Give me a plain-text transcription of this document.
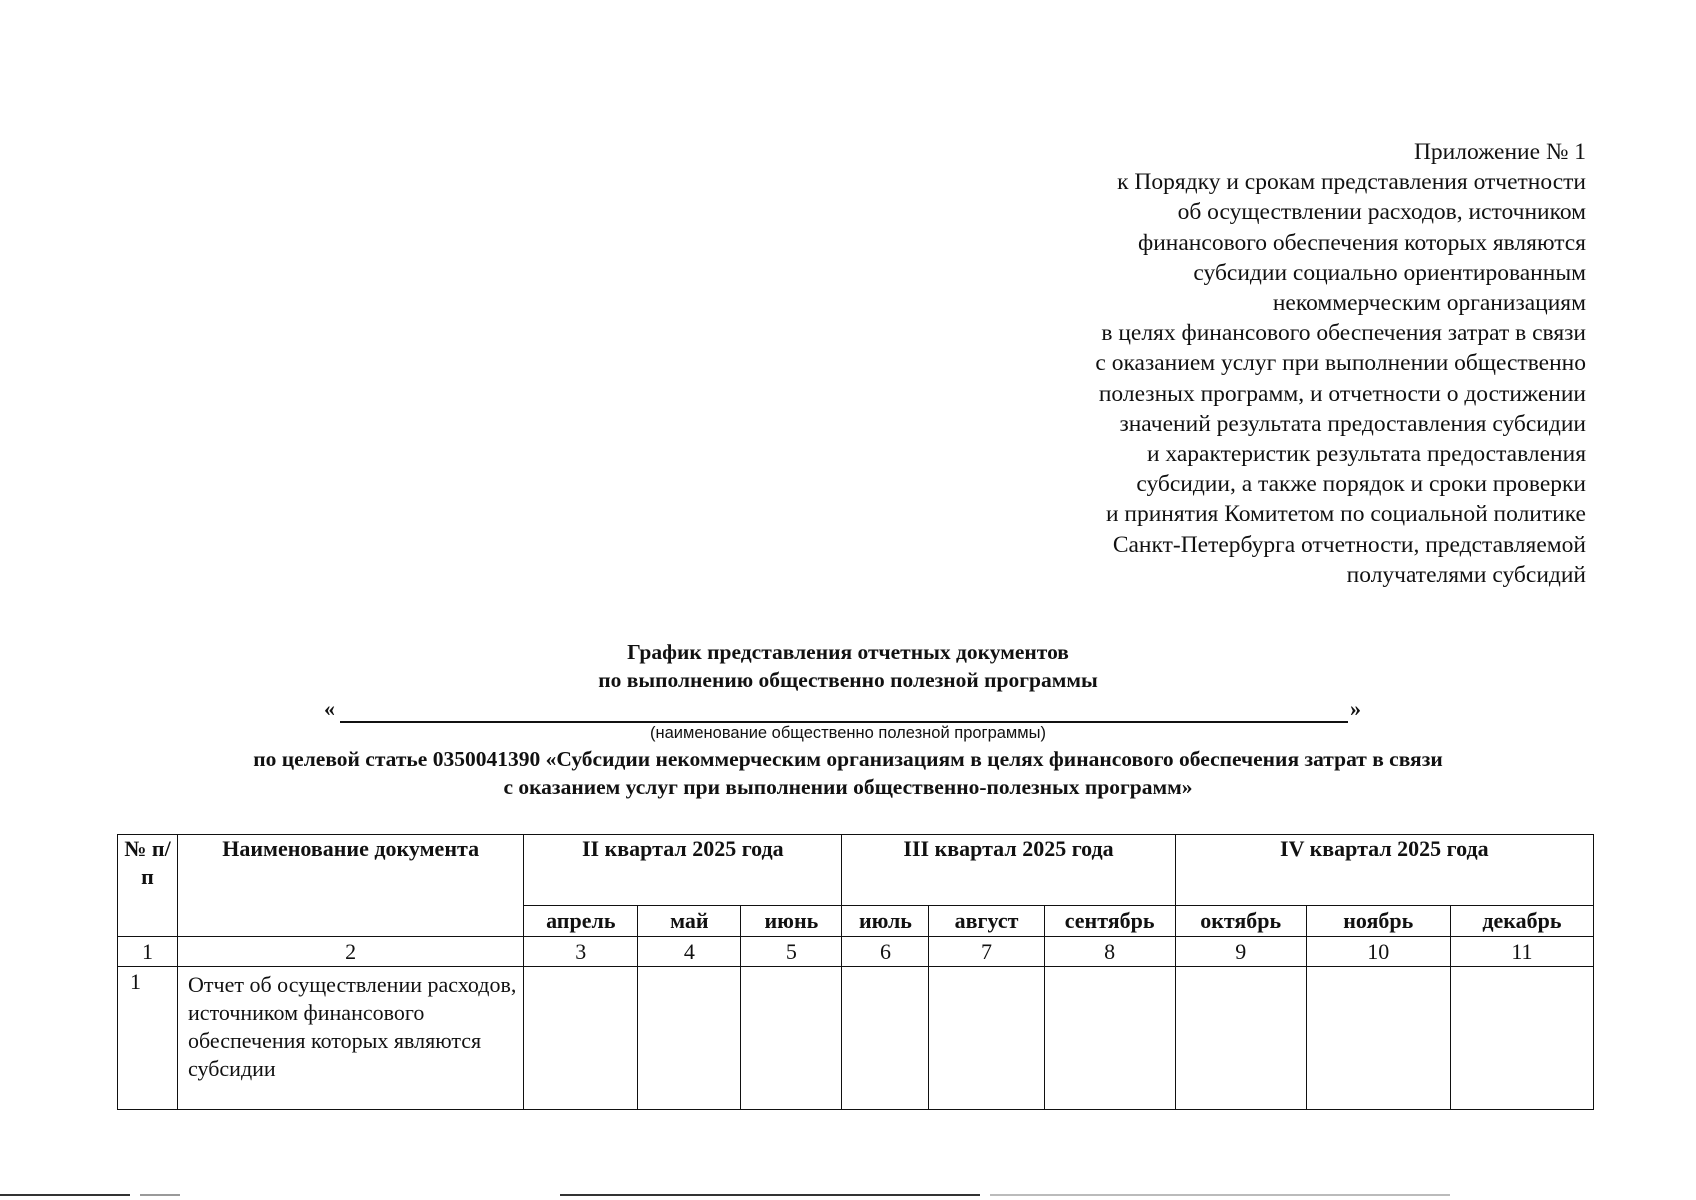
Приложение № 1
к Порядку и срокам представления отчетности
об осуществлении расходов, источником
финансового обеспечения которых являются
субсидии социально ориентированным
некоммерческим организациям
в целях финансового обеспечения затрат в связи
с оказанием услуг при выполнении общественно
полезных программ, и отчетности о достижении
значений результата предоставления субсидии
и характеристик результата предоставления
субсидии, а также порядок и сроки проверки
и принятия Комитетом по социальной политике
Санкт-Петербурга отчетности, представляемой
получателями субсидий
График представления отчетных документов
по выполнению общественно полезной программы
«	»
(наименование общественно полезной программы)
по целевой статье 0350041390 «Субсидии некоммерческим организациям в целях финансового обеспечения затрат в связи
с оказанием услуг при выполнении общественно-полезных программ»
№ п/п	Наименование документа	II квартал 2025 года			III квартал 2025 года			IV квартал 2025 года		
		апрель	май	июнь	июль	август	сентябрь	октябрь	ноябрь	декабрь
1	2	3	4	5	6	7	8	9	10	11
1	Отчет об осуществлении расходов, источником финансового обеспечения которых являются субсидии									
